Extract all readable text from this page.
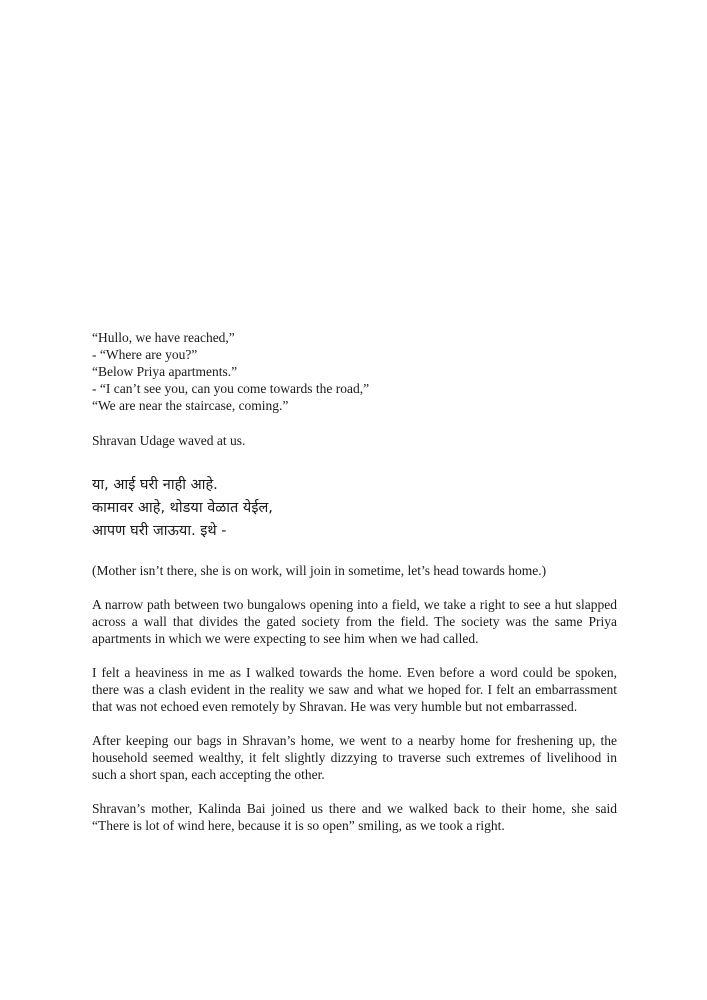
“Hullo, we have reached,”

- “Where are you?”

“Below Priya apartments.”

- “I can’t see you, can you come towards the road,”

“We are near the staircase, coming.”

Shravan Udage waved at us.

या, आई घरी नाही आहे.

कामावर आहे, थोडया वेळात येईल,

आपण घरी जाऊया. इथे -

(Mother isn’t there, she is on work, will join in sometime, let’s head towards home.)

A narrow path between two bungalows opening into a field, we take a right to see a hut slapped across a wall that divides the gated society from the field. The society was the same Priya apartments in which we were expecting to see him when we had called.

I felt a heaviness in me as I walked towards the home. Even before a word could be spoken, there was a clash evident in the reality we saw and what we hoped for. I felt an embarrassment that was not echoed even remotely by Shravan. He was very humble but not embarrassed.

After keeping our bags in Shravan’s home, we went to a nearby home for freshening up, the household seemed wealthy, it felt slightly dizzying to traverse such extremes of livelihood in such a short span, each accepting the other.

Shravan’s mother, Kalinda Bai joined us there and we walked back to their home, she said “There is lot of wind here, because it is so open” smiling, as we took a right.
